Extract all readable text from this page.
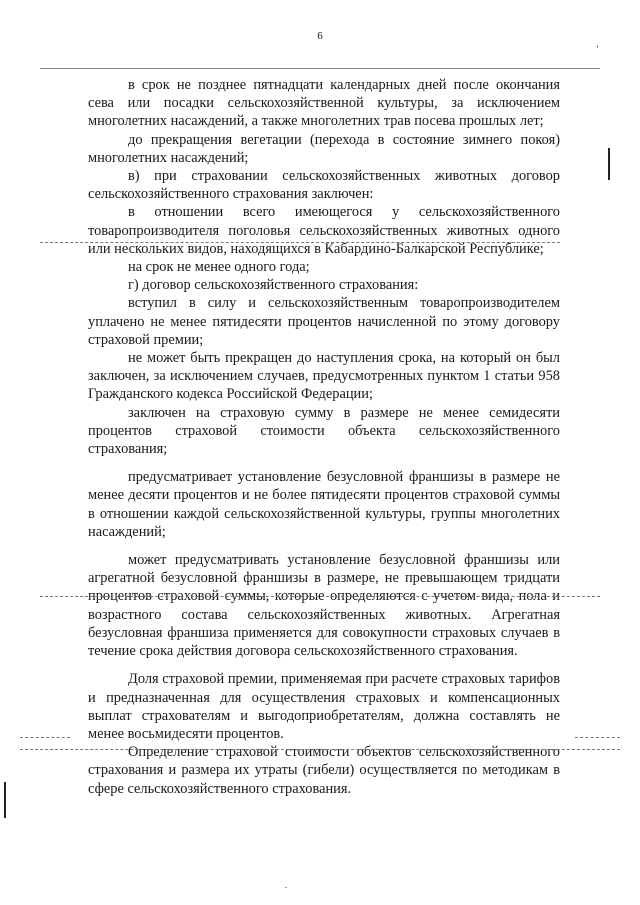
6

в срок не позднее пятнадцати календарных дней после окончания сева или посадки сельскохозяйственной культуры, за исключением многолетних насаждений, а также многолетних трав посева прошлых лет;

до прекращения вегетации (перехода в состояние зимнего покоя) многолетних насаждений;

в) при страховании сельскохозяйственных животных договор сельскохозяйственного страхования заключен:

в отношении всего имеющегося у сельскохозяйственного товаропроизводителя поголовья сельскохозяйственных животных одного или нескольких видов, находящихся в Кабардино-Балкарской Республике;

на срок не менее одного года;

г) договор сельскохозяйственного страхования:

вступил в силу и сельскохозяйственным товаропроизводителем уплачено не менее пятидесяти процентов начисленной по этому договору страховой премии;

не может быть прекращен до наступления срока, на который он был заключен, за исключением случаев, предусмотренных пунктом 1 статьи 958 Гражданского кодекса Российской Федерации;

заключен на страховую сумму в размере не менее семидесяти процентов страховой стоимости объекта сельскохозяйственного страхования;

предусматривает установление безусловной франшизы в размере не менее десяти процентов и не более пятидесяти процентов страховой суммы в отношении каждой сельскохозяйственной культуры, группы многолетних насаждений;

может предусматривать установление безусловной франшизы или агрегатной безусловной франшизы в размере, не превышающем тридцати процентов страховой суммы, которые определяются с учетом вида, пола и возрастного состава сельскохозяйственных животных. Агрегатная безусловная франшиза применяется для совокупности страховых случаев в течение срока действия договора сельскохозяйственного страхования.

Доля страховой премии, применяемая при расчете страховых тарифов и предназначенная для осуществления страховых и компенсационных выплат страхователям и выгодоприобретателям, должна составлять не менее восьмидесяти процентов.

Определение страховой стоимости объектов сельскохозяйственного страхования и размера их утраты (гибели) осуществляется по методикам в сфере сельскохозяйственного страхования.

’
.
